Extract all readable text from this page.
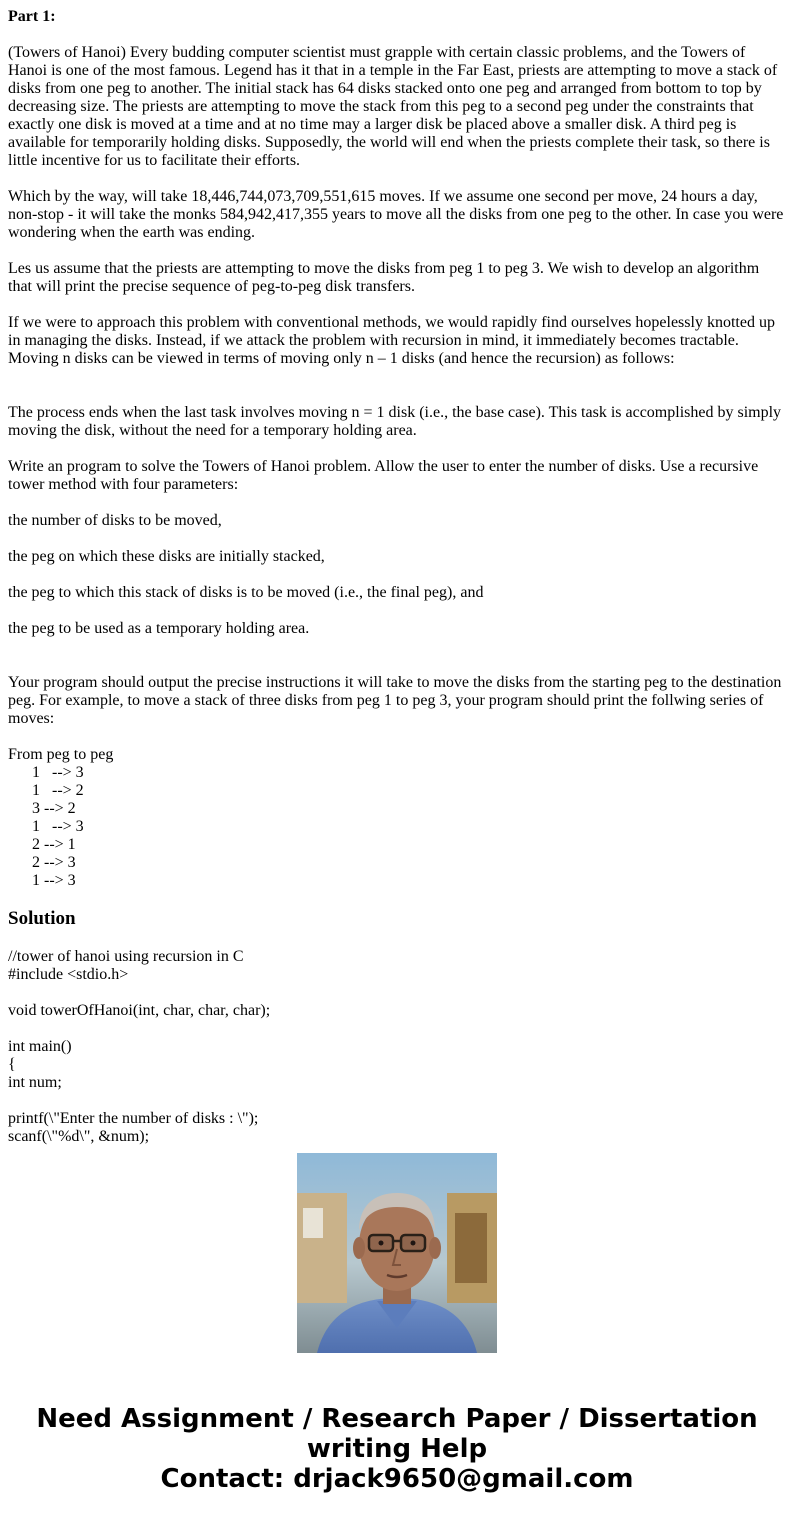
Part 1:

(Towers of Hanoi) Every budding computer scientist must grapple with certain classic problems, and the Towers of Hanoi is one of the most famous. Legend has it that in a temple in the Far East, priests are attempting to move a stack of disks from one peg to another. The initial stack has 64 disks stacked onto one peg and arranged from bottom to top by decreasing size. The priests are attempting to move the stack from this peg to a second peg under the constraints that exactly one disk is moved at a time and at no time may a larger disk be placed above a smaller disk. A third peg is available for temporarily holding disks. Supposedly, the world will end when the priests complete their task, so there is little incentive for us to facilitate their efforts.

Which by the way, will take 18,446,744,073,709,551,615 moves. If we assume one second per move, 24 hours a day, non-stop - it will take the monks 584,942,417,355 years to move all the disks from one peg to the other. In case you were wondering when the earth was ending.

Les us assume that the priests are attempting to move the disks from peg 1 to peg 3. We wish to develop an algorithm that will print the precise sequence of peg-to-peg disk transfers.

If we were to approach this problem with conventional methods, we would rapidly find ourselves hopelessly knotted up in managing the disks. Instead, if we attack the problem with recursion in mind, it immediately becomes tractable. Moving n disks can be viewed in terms of moving only n – 1 disks (and hence the recursion) as follows:

The process ends when the last task involves moving n = 1 disk (i.e., the base case). This task is accomplished by simply moving the disk, without the need for a temporary holding area.

Write an program to solve the Towers of Hanoi problem. Allow the user to enter the number of disks. Use a recursive tower method with four parameters:

the number of disks to be moved,

the peg on which these disks are initially stacked,

the peg to which this stack of disks is to be moved (i.e., the final peg), and

the peg to be used as a temporary holding area.

Your program should output the precise instructions it will take to move the disks from the starting peg to the destination peg. For example, to move a stack of three disks from peg 1 to peg 3, your program should print the follwing series of moves:

From peg to peg

1   --> 3
1   --> 2
3 --> 2
1   --> 3
2 --> 1
2 --> 3
1 --> 3
Solution
//tower of hanoi using recursion in C
#include <stdio.h>
void towerOfHanoi(int, char, char, char);
int main()
{
int num;
printf(\"Enter the number of disks : \");
scanf(\"%d\", &num);
Need Assignment / Research Paper / Dissertation
writing Help
Contact: drjack9650@gmail.com
